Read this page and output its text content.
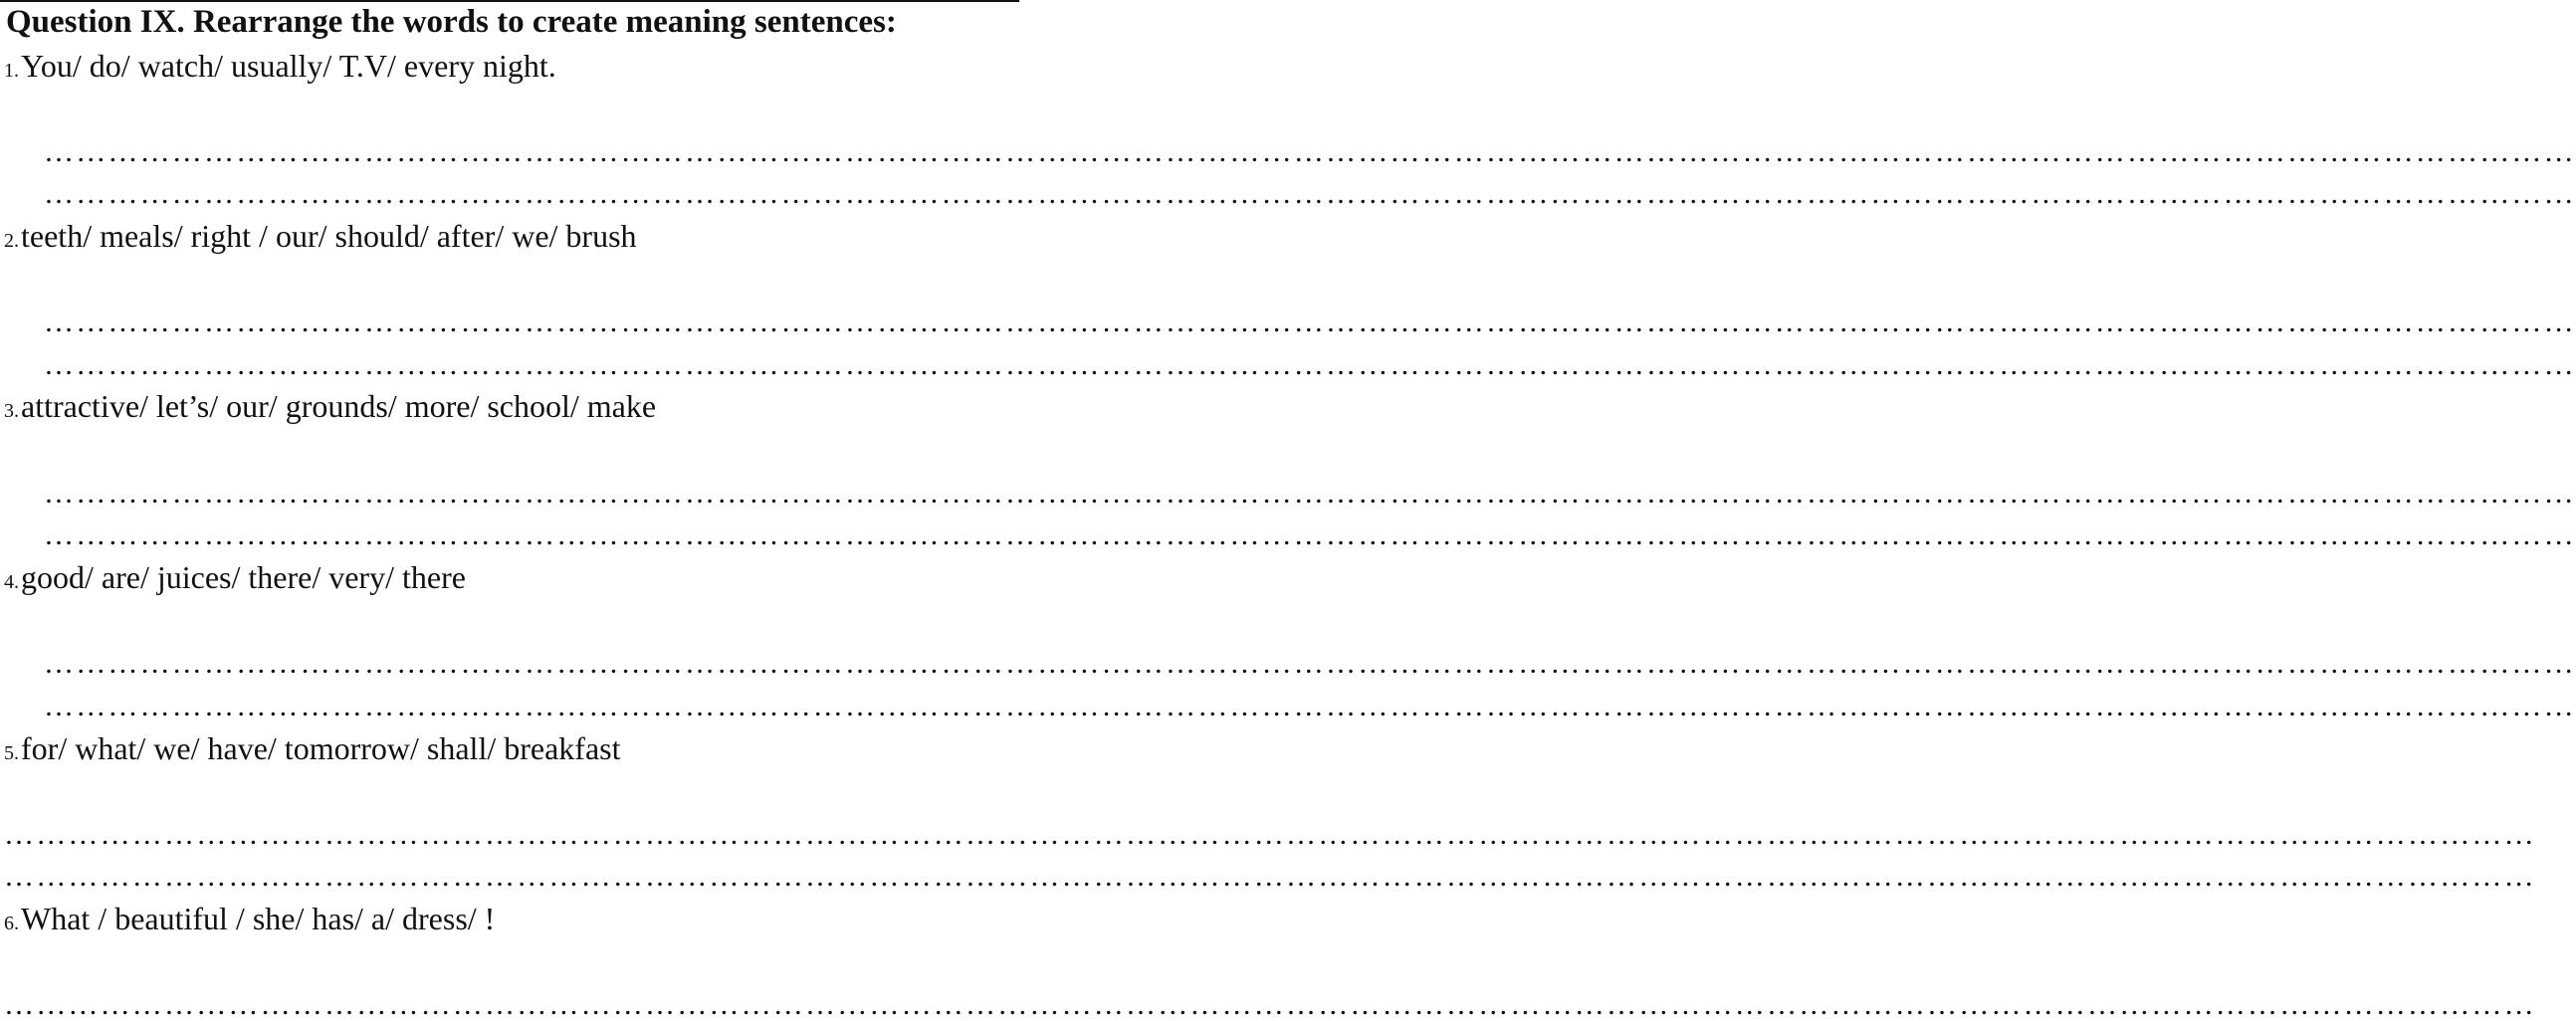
Question IX. Rearrange the words to create meaning sentences:
1.You/ do/ watch/ usually/ T.V/ every night.
…………………………………………………………………………………………………………………………………………………………………………………………………………………
…………………………………………………………………………………………………………………………………………………………………………………………………………………
2.teeth/ meals/ right / our/ should/ after/ we/ brush
…………………………………………………………………………………………………………………………………………………………………………………………………………………
…………………………………………………………………………………………………………………………………………………………………………………………………………………
3.attractive/ let’s/ our/ grounds/ more/ school/ make
…………………………………………………………………………………………………………………………………………………………………………………………………………………
…………………………………………………………………………………………………………………………………………………………………………………………………………………
4.good/ are/ juices/ there/ very/ there
…………………………………………………………………………………………………………………………………………………………………………………………………………………
…………………………………………………………………………………………………………………………………………………………………………………………………………………
5.for/ what/ we/ have/ tomorrow/ shall/ breakfast
…………………………………………………………………………………………………………………………………………………………………………………………………………………
…………………………………………………………………………………………………………………………………………………………………………………………………………………
6.What / beautiful / she/ has/ a/ dress/ !
…………………………………………………………………………………………………………………………………………………………………………………………………………………
